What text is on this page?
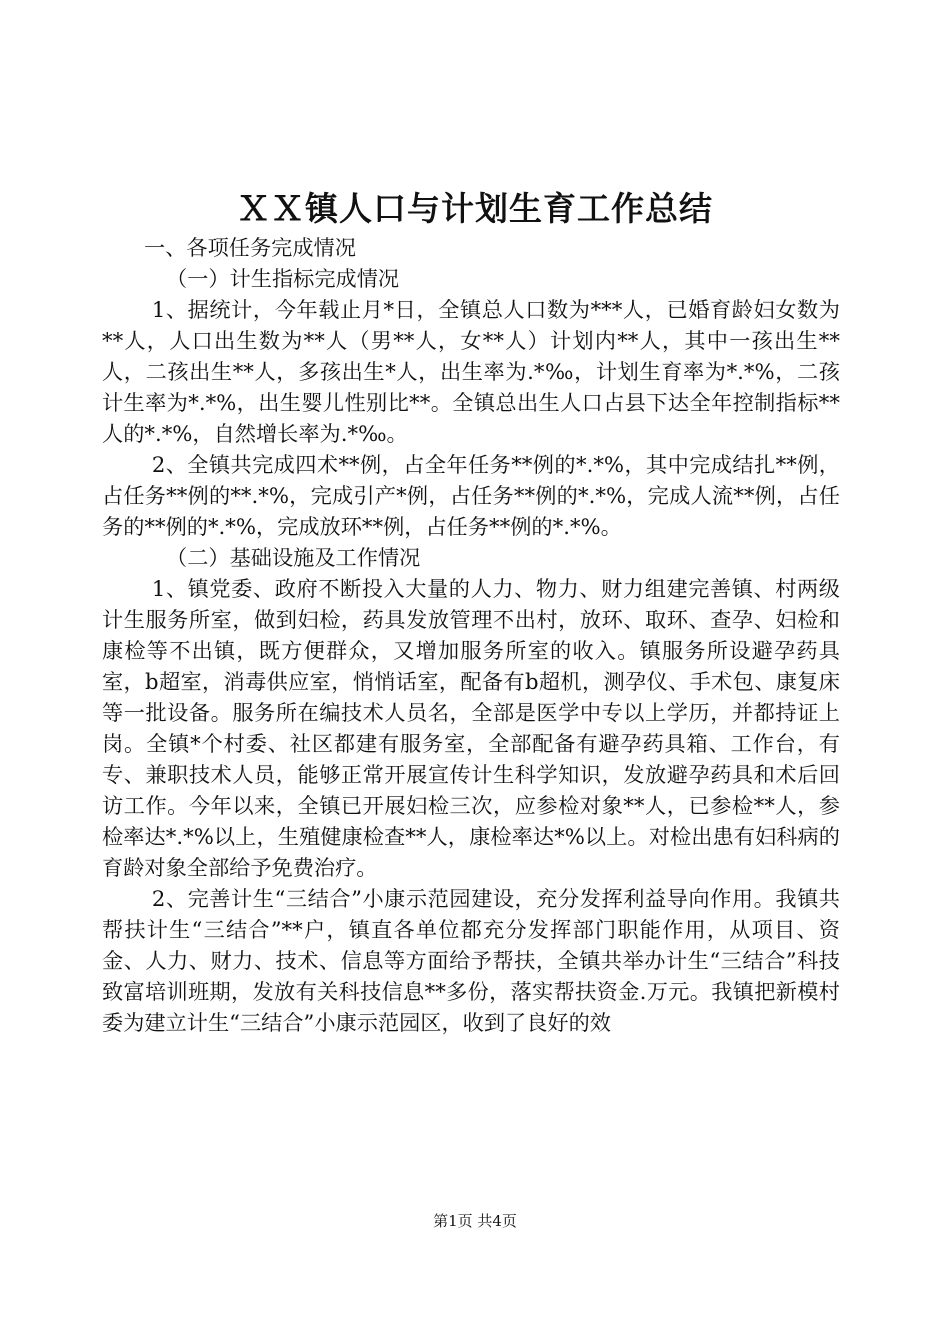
ＸＸ镇人口与计划生育工作总结

一、各项任务完成情况

（一）计生指标完成情况

1、据统计，今年载止月*日，全镇总人口数为***人，已婚育龄妇女数为**人，人口出生数为**人（男**人，女**人）计划内**人，其中一孩出生**人，二孩出生**人，多孩出生*人，出生率为.*‰，计划生育率为*.*%，二孩计生率为*.*%，出生婴儿性别比**。全镇总出生人口占县下达全年控制指标**人的*.*%，自然增长率为.*‰。

2、全镇共完成四术**例，占全年任务**例的*.*%，其中完成结扎**例，占任务**例的**.*%，完成引产*例，占任务**例的*.*%，完成人流**例，占任务的**例的*.*%，完成放环**例，占任务**例的*.*%。

（二）基础设施及工作情况

1、镇党委、政府不断投入大量的人力、物力、财力组建完善镇、村两级计生服务所室，做到妇检，药具发放管理不出村，放环、取环、查孕、妇检和康检等不出镇，既方便群众，又增加服务所室的收入。镇服务所设避孕药具室，b超室，消毒供应室，悄悄话室，配备有b超机，测孕仪、手术包、康复床等一批设备。服务所在编技术人员名，全部是医学中专以上学历，并都持证上岗。全镇*个村委、社区都建有服务室，全部配备有避孕药具箱、工作台，有专、兼职技术人员，能够正常开展宣传计生科学知识，发放避孕药具和术后回访工作。今年以来，全镇已开展妇检三次，应参检对象**人，已参检**人，参检率达*.*%以上，生殖健康检查**人，康检率达*%以上。对检出患有妇科病的育龄对象全部给予免费治疗。

2、完善计生“三结合”小康示范园建设，充分发挥利益导向作用。我镇共帮扶计生“三结合”**户，镇直各单位都充分发挥部门职能作用，从项目、资金、人力、财力、技术、信息等方面给予帮扶，全镇共举办计生“三结合”科技致富培训班期，发放有关科技信息**多份，落实帮扶资金.万元。我镇把新模村委为建立计生“三结合”小康示范园区，收到了良好的效

第1页 共4页
